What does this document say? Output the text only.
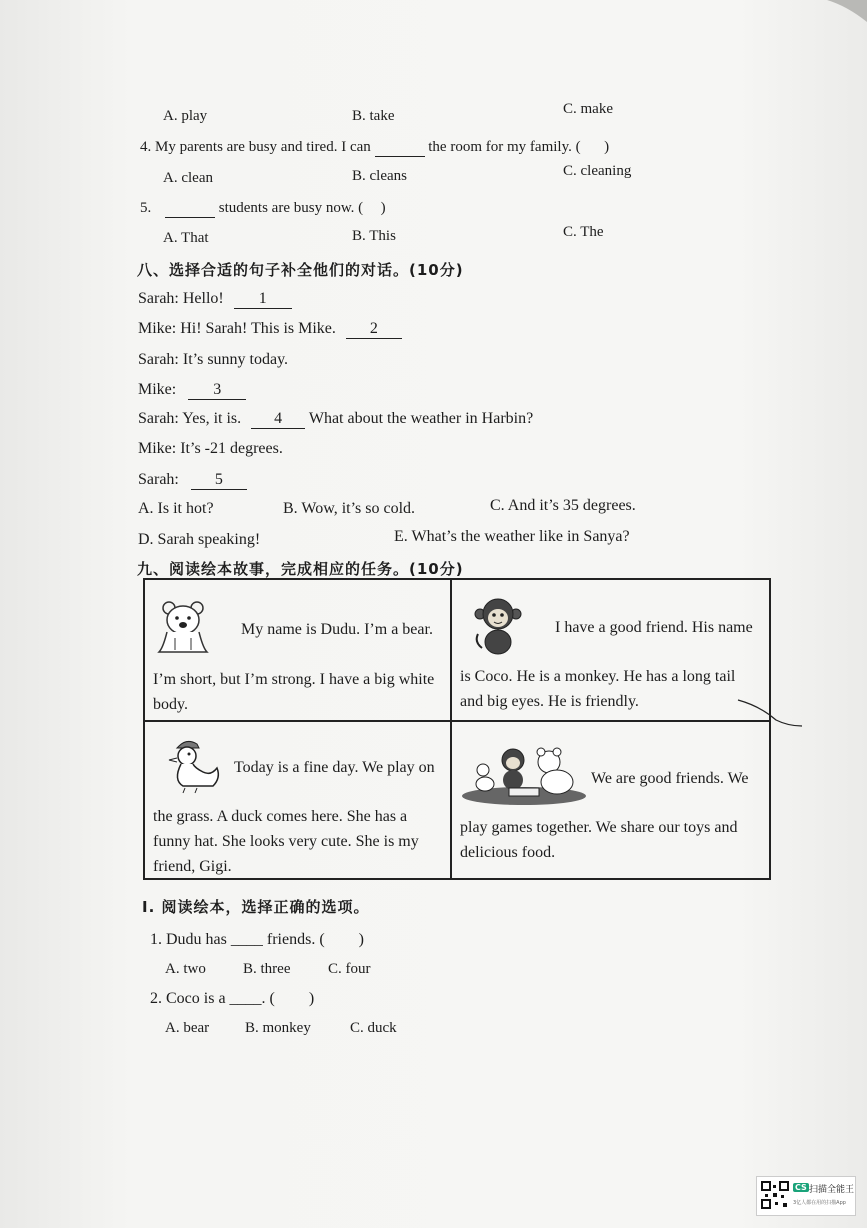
A. play	B. take	C. make
4. My parents are busy and tired. I can	the room for my family. ( )
A. clean	B. cleans	C. cleaning
5.	students are busy now. ( )
A. That	B. This	C. The
八、选择合适的句子补全他们的对话。(10分)
Sarah: Hello! 1
Mike: Hi! Sarah! This is Mike. 2
Sarah: It’s sunny today.
Mike: 3
Sarah: Yes, it is. 4 What about the weather in Harbin?
Mike: It’s -21 degrees.
Sarah: 5
A. Is it hot?	B. Wow, it’s so cold.	C. And it’s 35 degrees.
D. Sarah speaking!	E. What’s the weather like in Sanya?
九、阅读绘本故事，完成相应的任务。(10分)
My name is Dudu. I’m a bear.
I’m short, but I’m strong. I have a big white
body.
I have a good friend. His name
is Coco. He is a monkey. He has a long tail
and big eyes. He is friendly.
Today is a fine day. We play on
the grass. A duck comes here. She has a
funny hat. She looks very cute. She is my
friend, Gigi.
We are good friends. We
play games together. We share our toys and
delicious food.
Ⅰ. 阅读绘本，选择正确的选项。
1. Dudu has ____ friends. ( )
A. two B. three	C. four
2. Coco is a ____. ( )
A. bear B. monkey	C. duck
CS 扫描全能王
3亿人都在用的扫描App
